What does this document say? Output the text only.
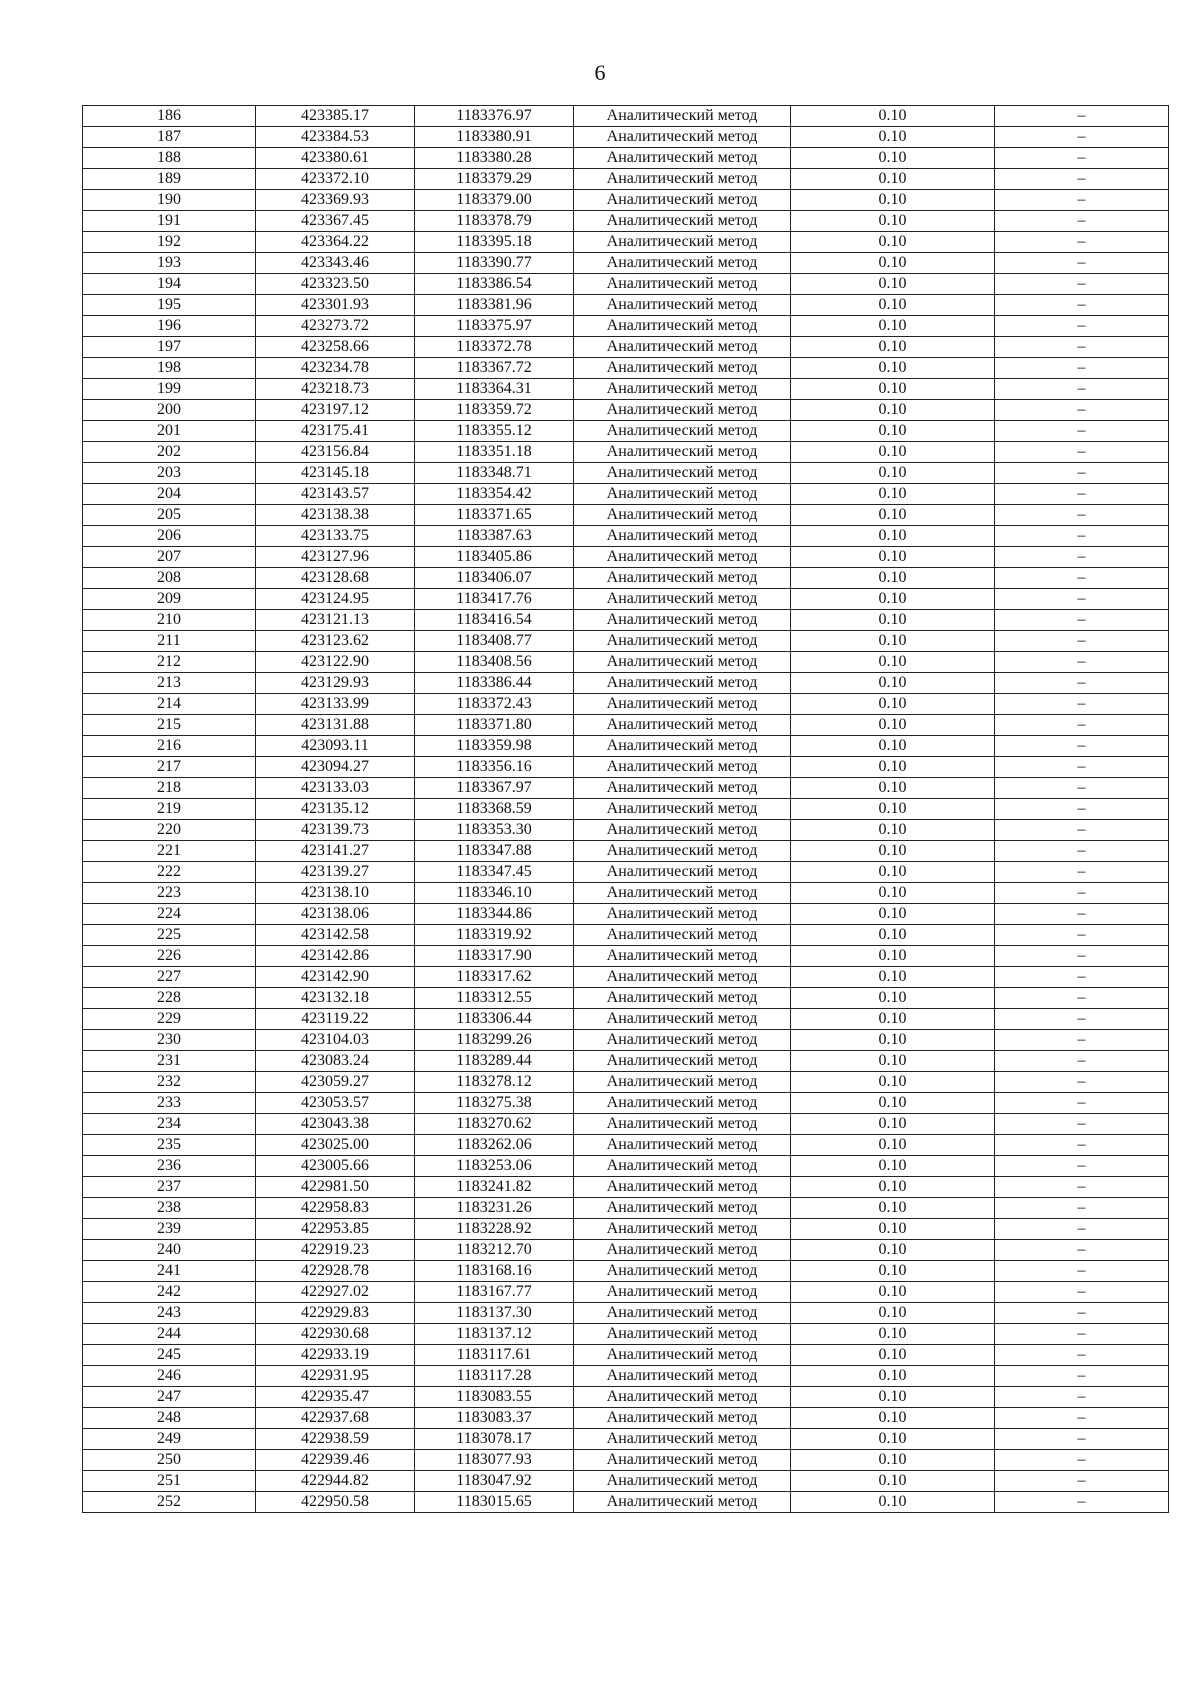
6
186	423385.17	1183376.97	Аналитический метод	0.10	–
187	423384.53	1183380.91	Аналитический метод	0.10	–
188	423380.61	1183380.28	Аналитический метод	0.10	–
189	423372.10	1183379.29	Аналитический метод	0.10	–
190	423369.93	1183379.00	Аналитический метод	0.10	–
191	423367.45	1183378.79	Аналитический метод	0.10	–
192	423364.22	1183395.18	Аналитический метод	0.10	–
193	423343.46	1183390.77	Аналитический метод	0.10	–
194	423323.50	1183386.54	Аналитический метод	0.10	–
195	423301.93	1183381.96	Аналитический метод	0.10	–
196	423273.72	1183375.97	Аналитический метод	0.10	–
197	423258.66	1183372.78	Аналитический метод	0.10	–
198	423234.78	1183367.72	Аналитический метод	0.10	–
199	423218.73	1183364.31	Аналитический метод	0.10	–
200	423197.12	1183359.72	Аналитический метод	0.10	–
201	423175.41	1183355.12	Аналитический метод	0.10	–
202	423156.84	1183351.18	Аналитический метод	0.10	–
203	423145.18	1183348.71	Аналитический метод	0.10	–
204	423143.57	1183354.42	Аналитический метод	0.10	–
205	423138.38	1183371.65	Аналитический метод	0.10	–
206	423133.75	1183387.63	Аналитический метод	0.10	–
207	423127.96	1183405.86	Аналитический метод	0.10	–
208	423128.68	1183406.07	Аналитический метод	0.10	–
209	423124.95	1183417.76	Аналитический метод	0.10	–
210	423121.13	1183416.54	Аналитический метод	0.10	–
211	423123.62	1183408.77	Аналитический метод	0.10	–
212	423122.90	1183408.56	Аналитический метод	0.10	–
213	423129.93	1183386.44	Аналитический метод	0.10	–
214	423133.99	1183372.43	Аналитический метод	0.10	–
215	423131.88	1183371.80	Аналитический метод	0.10	–
216	423093.11	1183359.98	Аналитический метод	0.10	–
217	423094.27	1183356.16	Аналитический метод	0.10	–
218	423133.03	1183367.97	Аналитический метод	0.10	–
219	423135.12	1183368.59	Аналитический метод	0.10	–
220	423139.73	1183353.30	Аналитический метод	0.10	–
221	423141.27	1183347.88	Аналитический метод	0.10	–
222	423139.27	1183347.45	Аналитический метод	0.10	–
223	423138.10	1183346.10	Аналитический метод	0.10	–
224	423138.06	1183344.86	Аналитический метод	0.10	–
225	423142.58	1183319.92	Аналитический метод	0.10	–
226	423142.86	1183317.90	Аналитический метод	0.10	–
227	423142.90	1183317.62	Аналитический метод	0.10	–
228	423132.18	1183312.55	Аналитический метод	0.10	–
229	423119.22	1183306.44	Аналитический метод	0.10	–
230	423104.03	1183299.26	Аналитический метод	0.10	–
231	423083.24	1183289.44	Аналитический метод	0.10	–
232	423059.27	1183278.12	Аналитический метод	0.10	–
233	423053.57	1183275.38	Аналитический метод	0.10	–
234	423043.38	1183270.62	Аналитический метод	0.10	–
235	423025.00	1183262.06	Аналитический метод	0.10	–
236	423005.66	1183253.06	Аналитический метод	0.10	–
237	422981.50	1183241.82	Аналитический метод	0.10	–
238	422958.83	1183231.26	Аналитический метод	0.10	–
239	422953.85	1183228.92	Аналитический метод	0.10	–
240	422919.23	1183212.70	Аналитический метод	0.10	–
241	422928.78	1183168.16	Аналитический метод	0.10	–
242	422927.02	1183167.77	Аналитический метод	0.10	–
243	422929.83	1183137.30	Аналитический метод	0.10	–
244	422930.68	1183137.12	Аналитический метод	0.10	–
245	422933.19	1183117.61	Аналитический метод	0.10	–
246	422931.95	1183117.28	Аналитический метод	0.10	–
247	422935.47	1183083.55	Аналитический метод	0.10	–
248	422937.68	1183083.37	Аналитический метод	0.10	–
249	422938.59	1183078.17	Аналитический метод	0.10	–
250	422939.46	1183077.93	Аналитический метод	0.10	–
251	422944.82	1183047.92	Аналитический метод	0.10	–
252	422950.58	1183015.65	Аналитический метод	0.10	–
